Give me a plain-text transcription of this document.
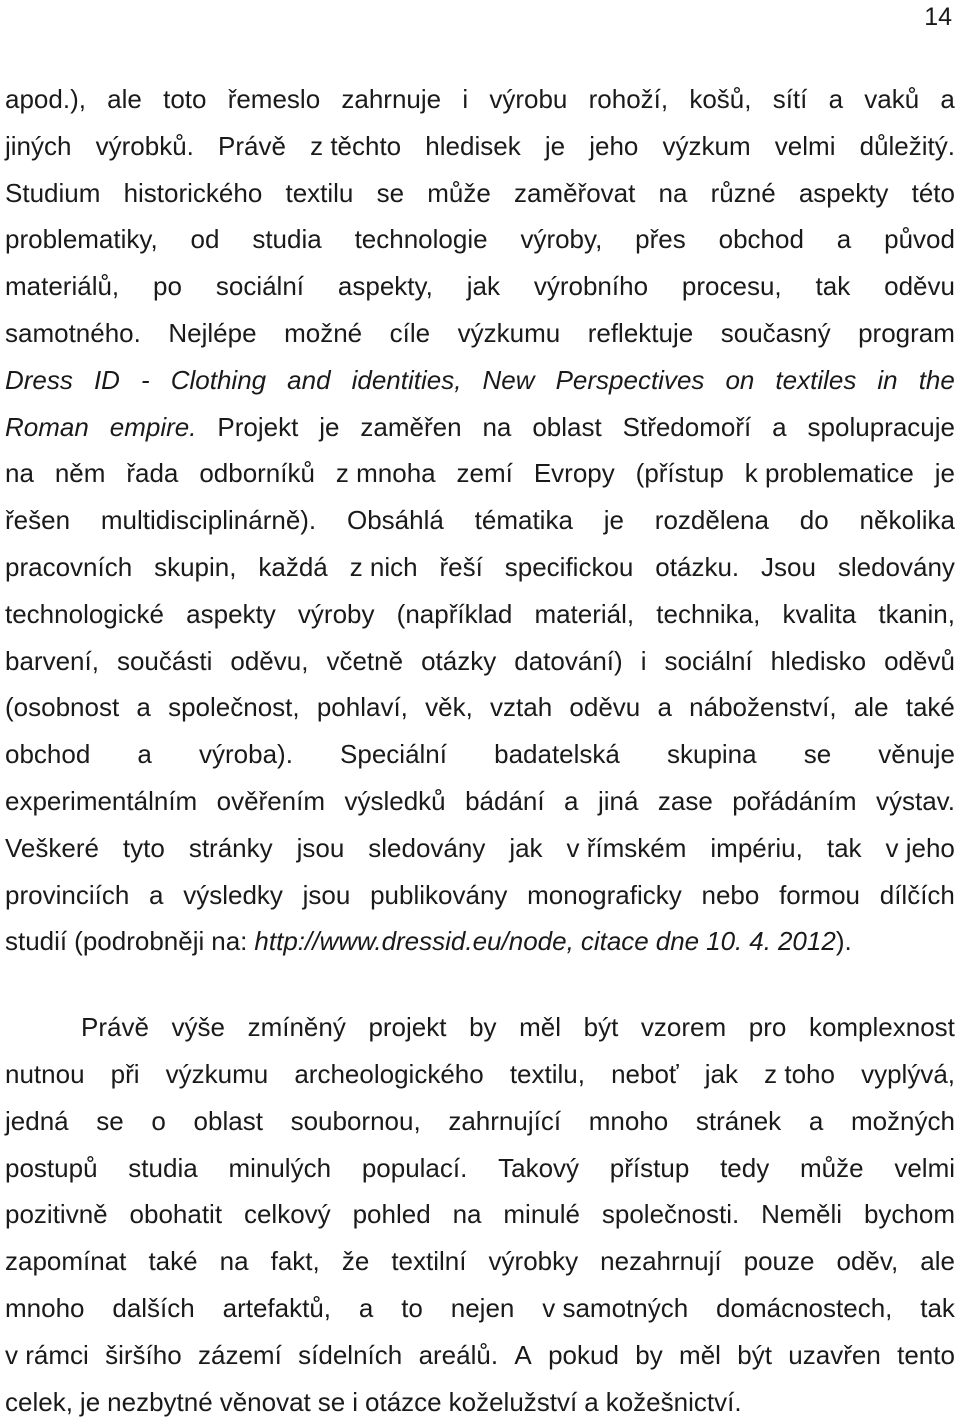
14
apod.), ale toto řemeslo zahrnuje i výrobu rohoží, košů, sítí a vaků a
jiných výrobků. Právě z těchto hledisek je jeho výzkum velmi důležitý.
Studium historického textilu se může zaměřovat na různé aspekty této
problematiky, od studia technologie výroby, přes obchod a původ
materiálů, po sociální aspekty, jak výrobního procesu, tak oděvu
samotného. Nejlépe možné cíle výzkumu reflektuje současný program
Dress ID - Clothing and identities, New Perspectives on textiles in the
Roman empire. Projekt je zaměřen na oblast Středomoří a spolupracuje
na něm řada odborníků z mnoha zemí Evropy (přístup k problematice je
řešen multidisciplinárně). Obsáhlá tématika je rozdělena do několika
pracovních skupin, každá z nich řeší specifickou otázku. Jsou sledovány
technologické aspekty výroby (například materiál, technika, kvalita tkanin,
barvení, součásti oděvu, včetně otázky datování) i sociální hledisko oděvů
(osobnost a společnost, pohlaví, věk, vztah oděvu a náboženství, ale také
obchod a výroba). Speciální badatelská skupina se věnuje
experimentálním ověřením výsledků bádání a jiná zase pořádáním výstav.
Veškeré tyto stránky jsou sledovány jak v římském impériu, tak v jeho
provinciích a výsledky jsou publikovány monograficky nebo formou dílčích
studií (podrobněji na: http://www.dressid.eu/node, citace dne 10. 4. 2012).
Právě výše zmíněný projekt by měl být vzorem pro komplexnost
nutnou při výzkumu archeologického textilu, neboť jak z toho vyplývá,
jedná se o oblast soubornou, zahrnující mnoho stránek a možných
postupů studia minulých populací. Takový přístup tedy může velmi
pozitivně obohatit celkový pohled na minulé společnosti. Neměli bychom
zapomínat také na fakt, že textilní výrobky nezahrnují pouze oděv, ale
mnoho dalších artefaktů, a to nejen v samotných domácnostech, tak
v rámci širšího zázemí sídelních areálů. A pokud by měl být uzavřen tento
celek, je nezbytné věnovat se i otázce koželužství a kožešnictví.
